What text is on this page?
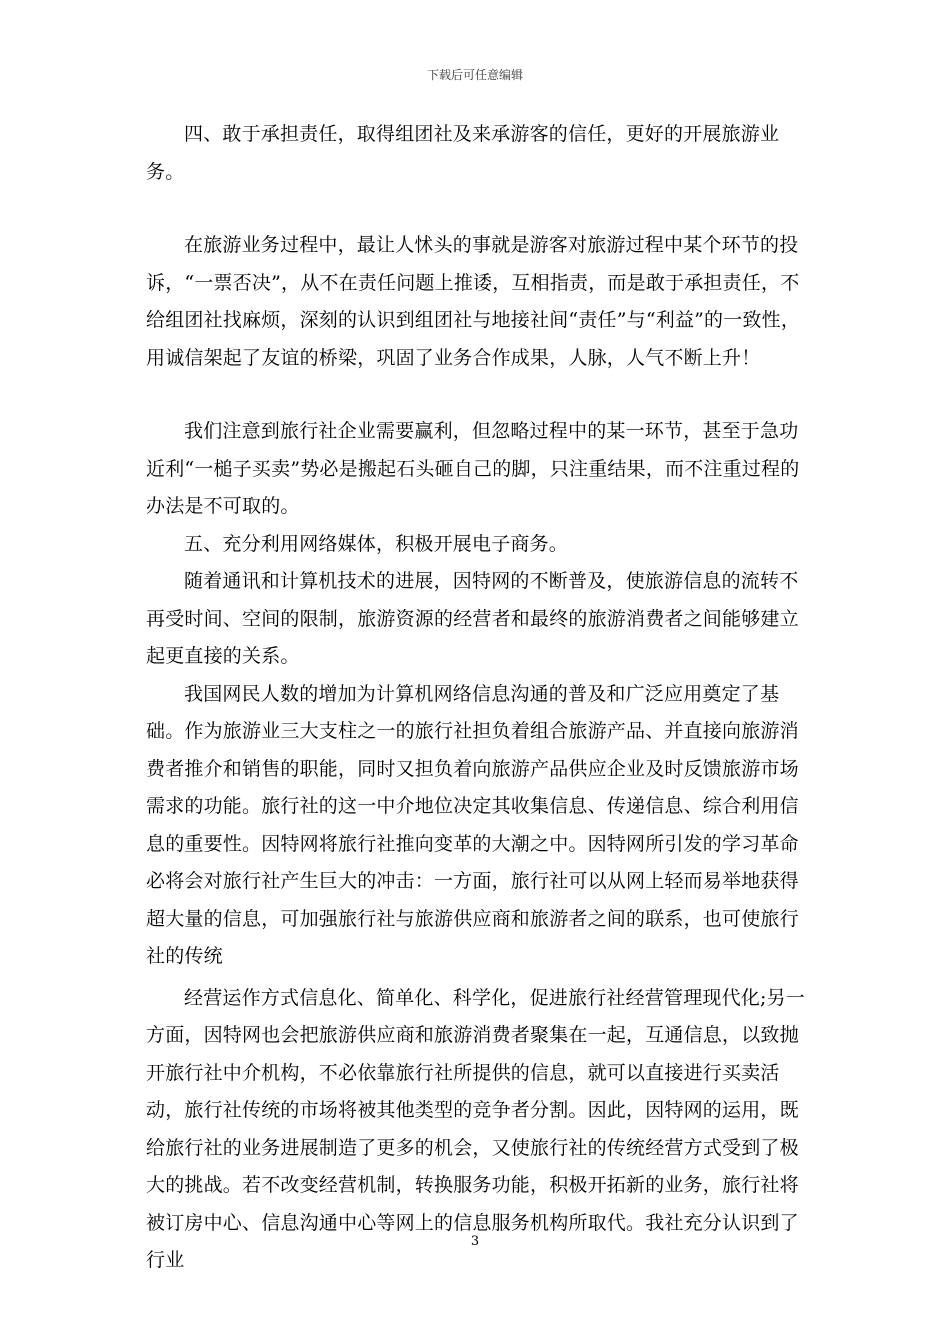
下载后可任意编辑

四、敢于承担责任，取得组团社及来承游客的信任，更好的开展旅游业务。

在旅游业务过程中，最让人怵头的事就是游客对旅游过程中某个环节的投诉，“一票否决”，从不在责任问题上推诿，互相指责，而是敢于承担责任，不给组团社找麻烦，深刻的认识到组团社与地接社间“责任”与“利益”的一致性，用诚信架起了友谊的桥梁，巩固了业务合作成果，人脉，人气不断上升！

我们注意到旅行社企业需要赢利，但忽略过程中的某一环节，甚至于急功近利“一槌子买卖”势必是搬起石头砸自己的脚，只注重结果，而不注重过程的办法是不可取的。

五、充分利用网络媒体，积极开展电子商务。

随着通讯和计算机技术的进展，因特网的不断普及，使旅游信息的流转不再受时间、空间的限制，旅游资源的经营者和最终的旅游消费者之间能够建立起更直接的关系。

我国网民人数的增加为计算机网络信息沟通的普及和广泛应用奠定了基础。作为旅游业三大支柱之一的旅行社担负着组合旅游产品、并直接向旅游消费者推介和销售的职能，同时又担负着向旅游产品供应企业及时反馈旅游市场需求的功能。旅行社的这一中介地位决定其收集信息、传递信息、综合利用信息的重要性。因特网将旅行社推向变革的大潮之中。因特网所引发的学习革命必将会对旅行社产生巨大的冲击：一方面，旅行社可以从网上轻而易举地获得超大量的信息，可加强旅行社与旅游供应商和旅游者之间的联系，也可使旅行社的传统

经营运作方式信息化、简单化、科学化，促进旅行社经营管理现代化;另一方面，因特网也会把旅游供应商和旅游消费者聚集在一起，互通信息，以致抛开旅行社中介机构，不必依靠旅行社所提供的信息，就可以直接进行买卖活动，旅行社传统的市场将被其他类型的竞争者分割。因此，因特网的运用，既给旅行社的业务进展制造了更多的机会，又使旅行社的传统经营方式受到了极大的挑战。若不改变经营机制，转换服务功能，积极开拓新的业务，旅行社将被订房中心、信息沟通中心等网上的信息服务机构所取代。我社充分认识到了行业

3
